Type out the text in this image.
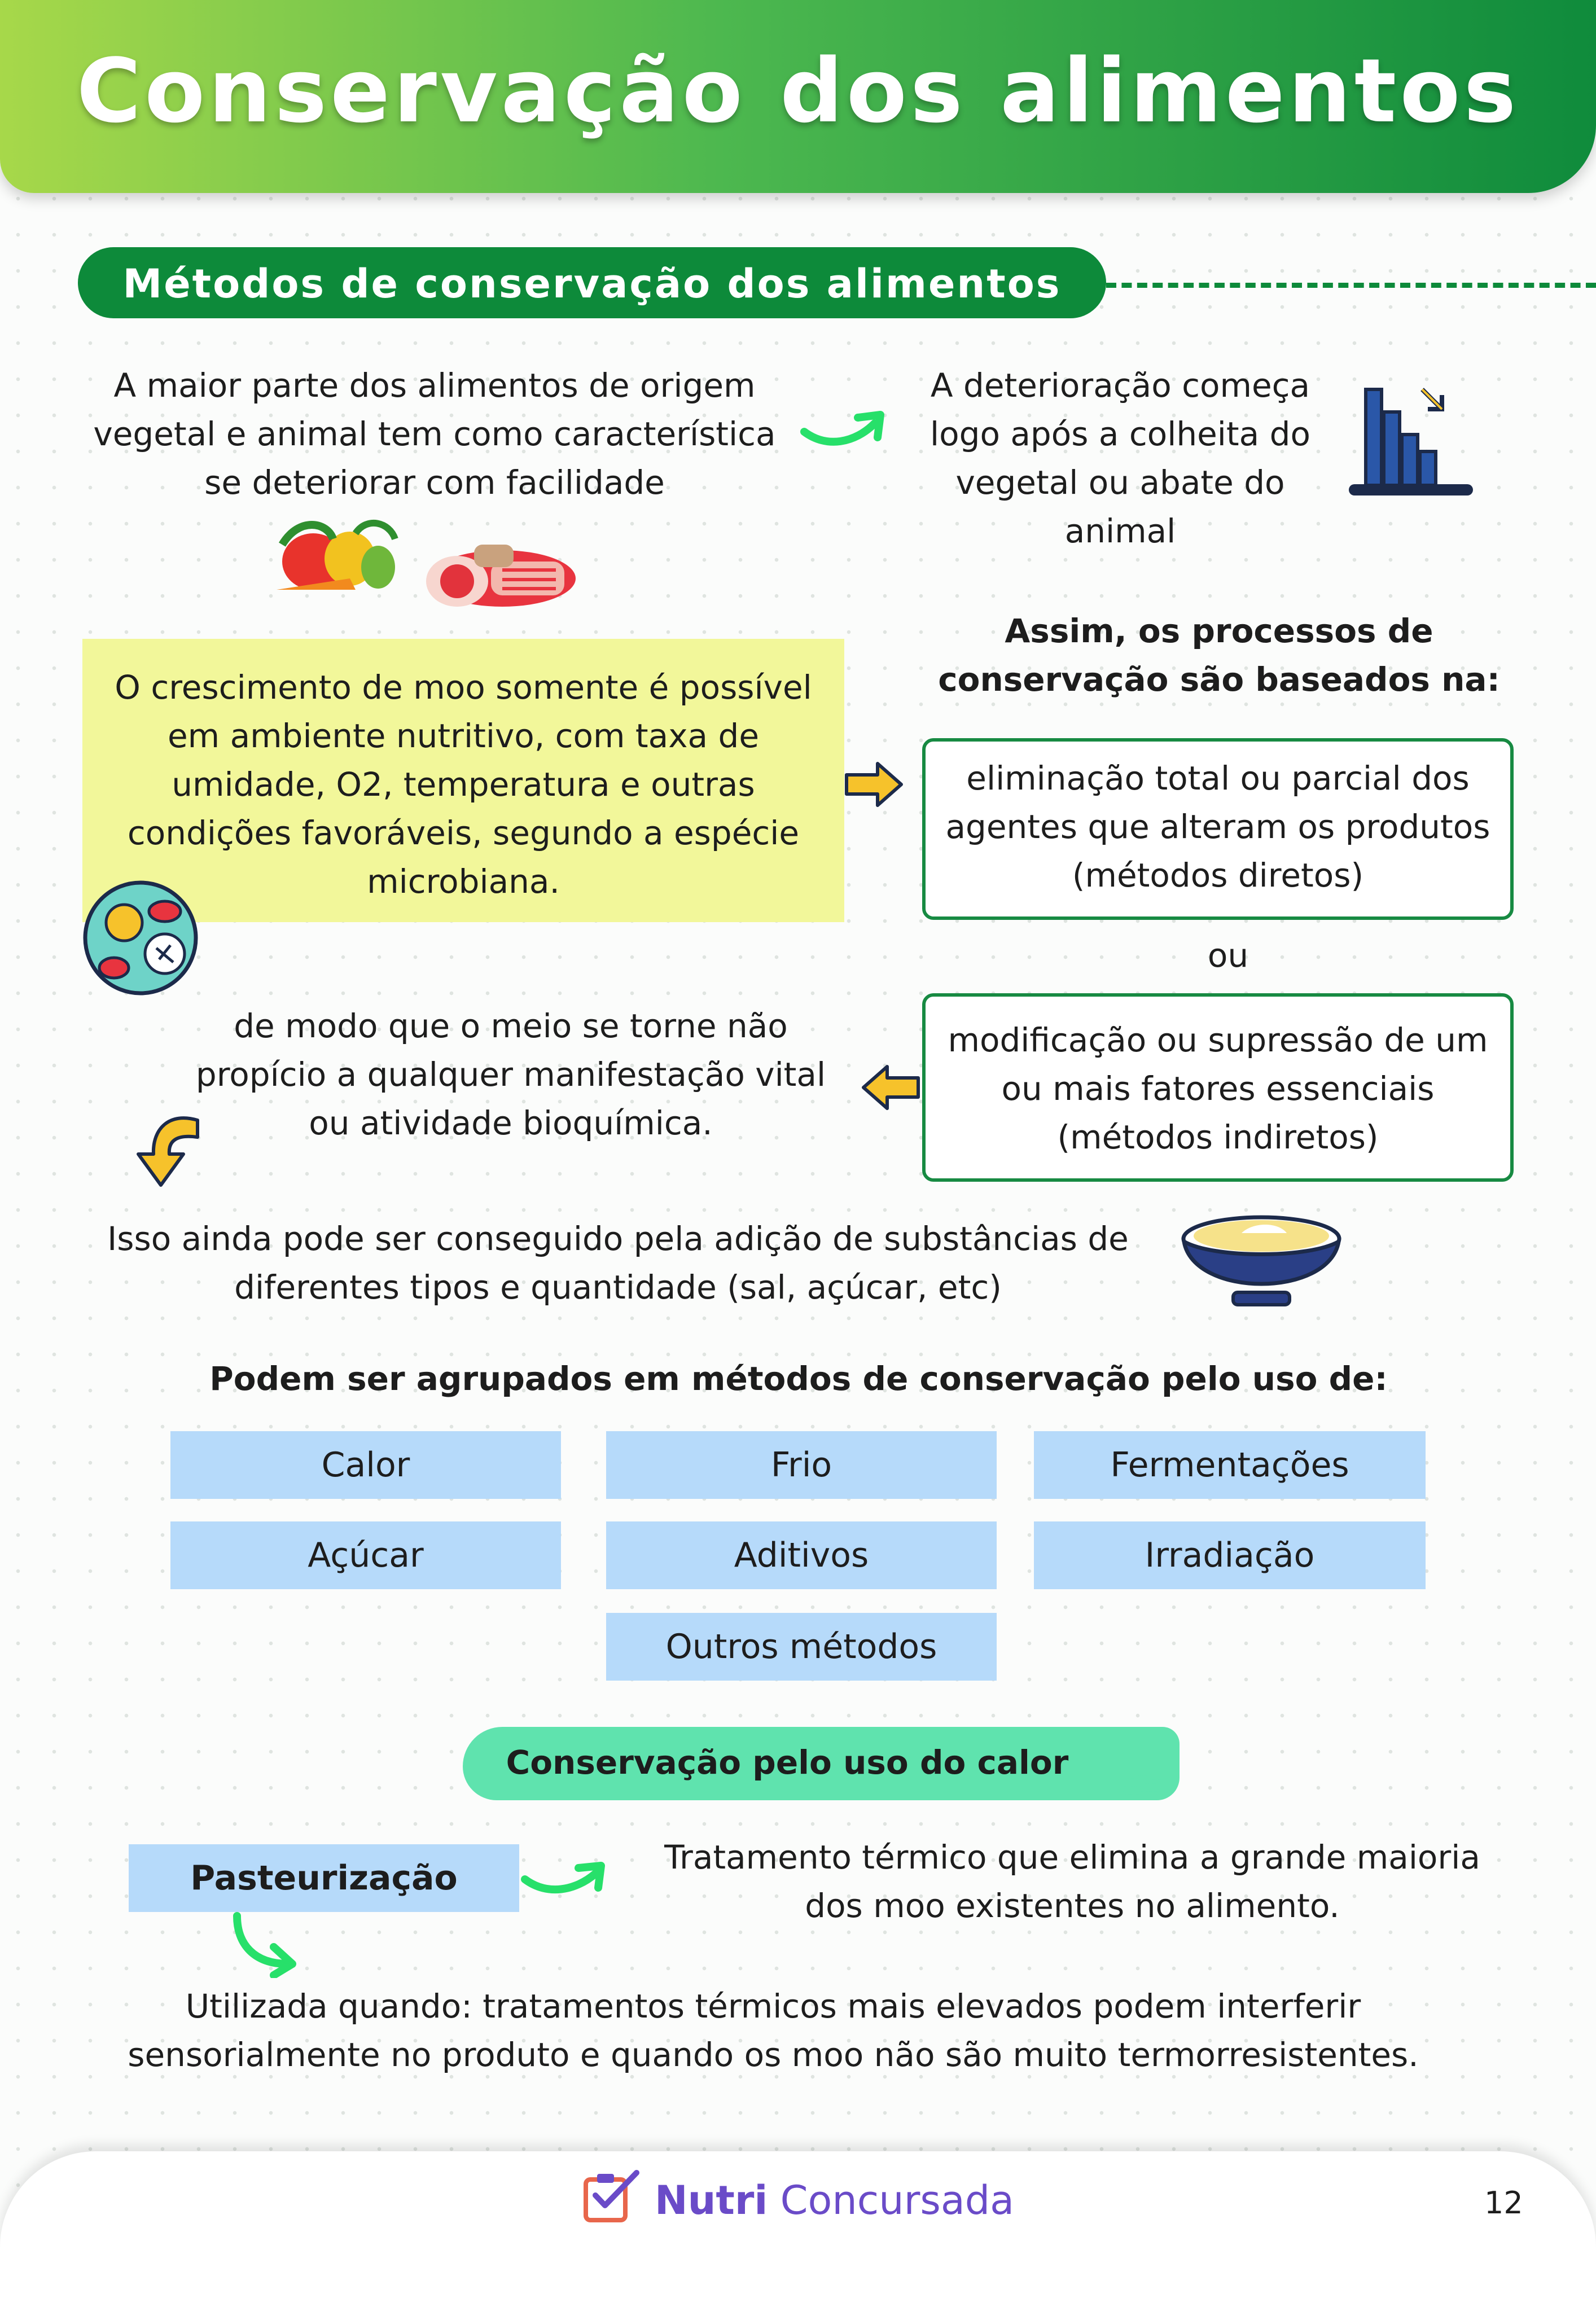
Conservação dos alimentos
Métodos de conservação dos alimentos
A maior parte dos alimentos de origem
vegetal e animal tem como característica
se deteriorar com facilidade
A deterioração começa
logo após a colheita do
vegetal ou abate do
animal
O crescimento de moo somente é possível
em ambiente nutritivo, com taxa de
umidade, O2, temperatura e outras
condições favoráveis, segundo a espécie
microbiana.
Assim, os processos de
conservação são baseados na:
eliminação total ou parcial dos
agentes que alteram os produtos
(métodos diretos)
ou
modificação ou supressão de um
ou mais fatores essenciais
(métodos indiretos)
de modo que o meio se torne não
propício a qualquer manifestação vital
ou atividade bioquímica.
Isso ainda pode ser conseguido pela adição de substâncias de
diferentes tipos e quantidade (sal, açúcar, etc)
Podem ser agrupados em métodos de conservação pelo uso de:
Calor	Frio	Fermentações
Açúcar	Aditivos	Irradiação
Outros métodos
Conservação pelo uso do calor
Pasteurização
Tratamento térmico que elimina a grande maioria
dos moo existentes no alimento.
Utilizada quando: tratamentos térmicos mais elevados podem interferir
sensorialmente no produto e quando os moo não são muito termorresistentes.
Nutri Concursada	12
